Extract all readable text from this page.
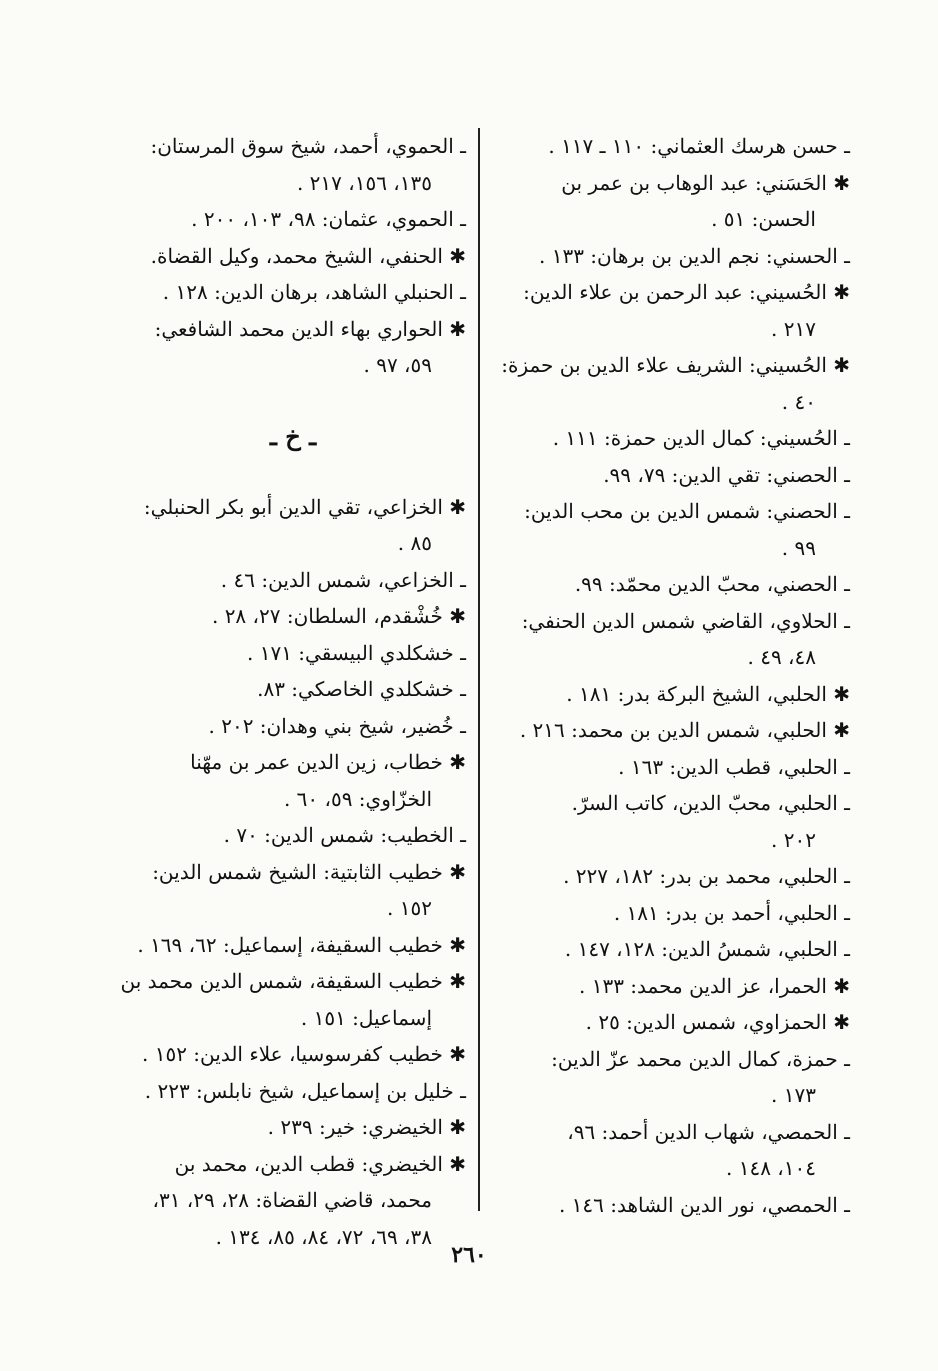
ـ حسن هرسك العثماني: ١١٠ ـ ١١٧ .
✱ الحَسَني: عبد الوهاب بن عمر بن
الحسن: ٥١ .
ـ الحسني: نجم الدين بن برهان: ١٣٣ .
✱ الحُسيني: عبد الرحمن بن علاء الدين:
٢١٧ .
✱ الحُسيني: الشريف علاء الدين بن حمزة:
٤٠ .
ـ الحُسيني: كمال الدين حمزة: ١١١ .
ـ الحصني: تقي الدين: ٧٩، ٩٩.
ـ الحصني: شمس الدين بن محب الدين:
٩٩ .
ـ الحصني، محبّ الدين محمّد: ٩٩.
ـ الحلاوي، القاضي شمس الدين الحنفي:
٤٨، ٤٩ .
✱ الحلبي، الشيخ البركة بدر: ١٨١ .
✱ الحلبي، شمس الدين بن محمد: ٢١٦ .
ـ الحلبي، قطب الدين: ١٦٣ .
ـ الحلبي، محبّ الدين، كاتب السرّ.
٢٠٢ .
ـ الحلبي، محمد بن بدر: ١٨٢، ٢٢٧ .
ـ الحلبي، أحمد بن بدر: ١٨١ .
ـ الحلبي، شمسُ الدين: ١٢٨، ١٤٧ .
✱ الحمرا، عز الدين محمد: ١٣٣ .
✱ الحمزاوي، شمس الدين: ٢٥ .
ـ حمزة، كمال الدين محمد عزّ الدين:
١٧٣ .
ـ الحمصي، شهاب الدين أحمد: ٩٦،
١٠٤، ١٤٨ .
ـ الحمصي، نور الدين الشاهد: ١٤٦ .
ـ الحموي، أحمد، شيخ سوق المرستان:
١٣٥، ١٥٦، ٢١٧ .
ـ الحموي، عثمان: ٩٨، ١٠٣، ٢٠٠ .
✱ الحنفي، الشيخ محمد، وكيل القضاة.
ـ الحنبلي الشاهد، برهان الدين: ١٢٨ .
✱ الحواري بهاء الدين محمد الشافعي:
٥٩، ٩٧ .
ـ خ ـ
✱ الخزاعي، تقي الدين أبو بكر الحنبلي:
٨٥ .
ـ الخزاعي، شمس الدين: ٤٦ .
✱ خُشْقدم، السلطان: ٢٧، ٢٨ .
ـ خشكلدي البيسقي: ١٧١ .
ـ خشكلدي الخاصكي: ٨٣.
ـ خُضير، شيخ بني وهدان: ٢٠٢ .
✱ خطاب، زين الدين عمر بن مهّنا
الخزّاوي: ٥٩، ٦٠ .
ـ الخطيب: شمس الدين: ٧٠ .
✱ خطيب الثابتية: الشيخ شمس الدين:
١٥٢ .
✱ خطيب السقيفة، إسماعيل: ٦٢، ١٦٩ .
✱ خطيب السقيفة، شمس الدين محمد بن
إسماعيل: ١٥١ .
✱ خطيب كفرسوسيا، علاء الدين: ١٥٢ .
ـ خليل بن إسماعيل، شيخ نابلس: ٢٢٣ .
✱ الخيضري: خير: ٢٣٩ .
✱ الخيضري: قطب الدين، محمد بن
محمد، قاضي القضاة: ٢٨، ٢٩، ٣١،
٣٨، ٦٩، ٧٢، ٨٤، ٨٥، ١٣٤ .
٢٦٠
